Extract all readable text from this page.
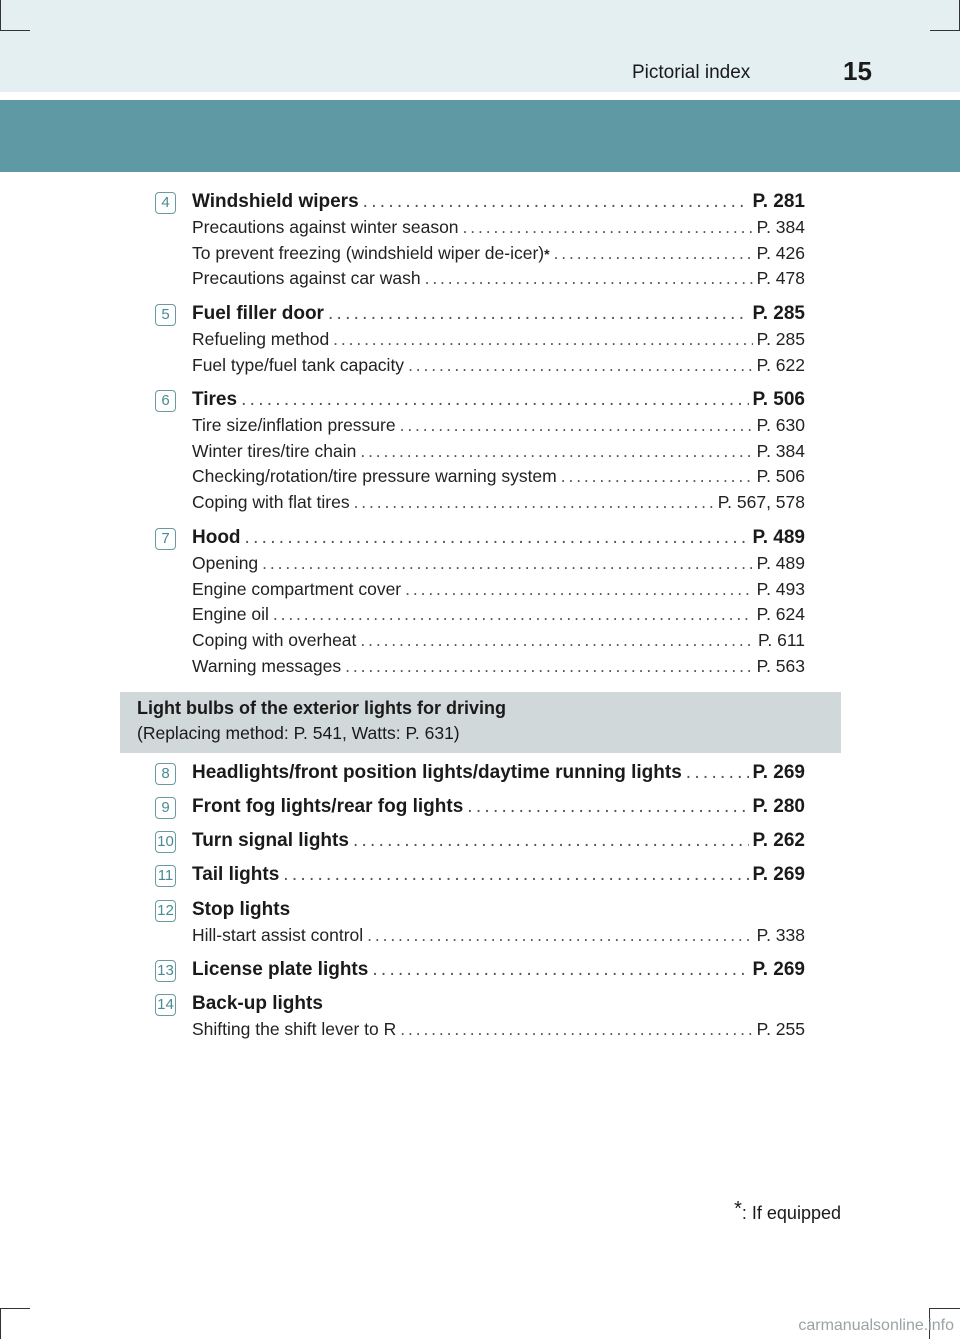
Pictorial index	15
4	Windshield wipers . . .	P. 281
Precautions against winter season . . .	P. 384
To prevent freezing (windshield wiper de-icer) * . . .	P. 426
Precautions against car wash . . .	P. 478
5	Fuel filler door . . .	P. 285
Refueling method . . .	P. 285
Fuel type/fuel tank capacity . . .	P. 622
6	Tires . . .	P. 506
Tire size/inflation pressure . . .	P. 630
Winter tires/tire chain . . .	P. 384
Checking/rotation/tire pressure warning system . . .	P. 506
Coping with flat tires . . .	P. 567, 578
7	Hood . . .	P. 489
Opening . . .	P. 489
Engine compartment cover . . .	P. 493
Engine oil . . .	P. 624
Coping with overheat . . .	P. 611
Warning messages . . .	P. 563
Light bulbs of the exterior lights for driving
(Replacing method: P. 541, Watts: P. 631)
8	Headlights/front position lights/daytime running lights . . .	P. 269
9	Front fog lights/rear fog lights . . .	P. 280
10 Turn signal lights . . .	P. 262
11 Tail lights . . .	P. 269
12 Stop lights
Hill-start assist control . . .	P. 338
13 License plate lights . . .	P. 269
14 Back-up lights
Shifting the shift lever to R . . .	P. 255
*: If equipped
carmanualsonline.info
